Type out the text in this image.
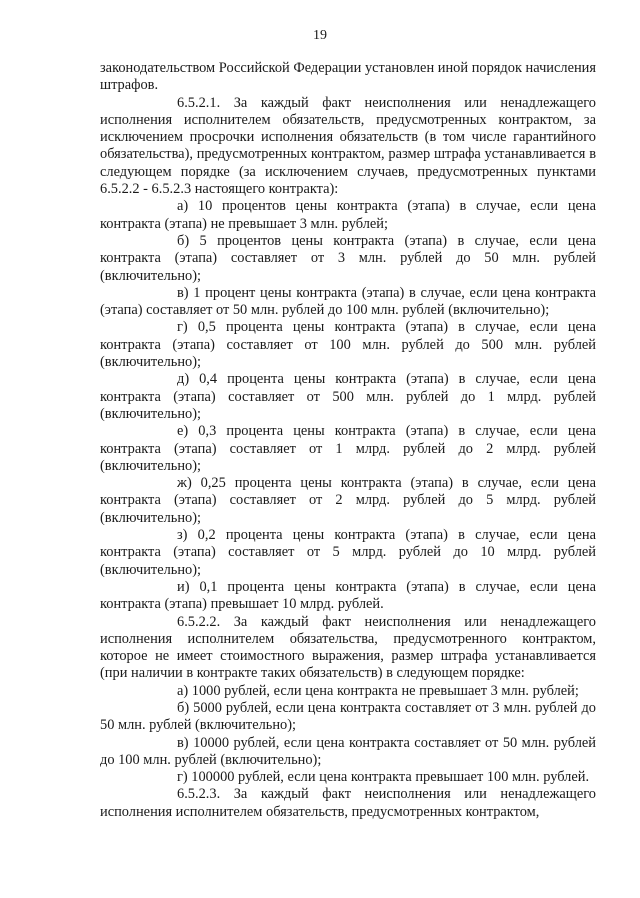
19

законодательством Российской Федерации установлен иной порядок начисления штрафов.

6.5.2.1. За каждый факт неисполнения или ненадлежащего исполнения исполнителем обязательств, предусмотренных контрактом, за исключением просрочки исполнения обязательств (в том числе гарантийного обязательства), предусмотренных контрактом, размер штрафа устанавливается в следующем порядке (за исключением случаев, предусмотренных пунктами 6.5.2.2 - 6.5.2.3 настоящего контракта):

а) 10 процентов цены контракта (этапа) в случае, если цена контракта (этапа) не превышает 3 млн. рублей;

б) 5 процентов цены контракта (этапа) в случае, если цена контракта (этапа) составляет от 3 млн. рублей до 50 млн. рублей (включительно);

в) 1 процент цены контракта (этапа) в случае, если цена контракта (этапа) составляет от 50 млн. рублей до 100 млн. рублей (включительно);

г) 0,5 процента цены контракта (этапа) в случае, если цена контракта (этапа) составляет от 100 млн. рублей до 500 млн. рублей (включительно);

д) 0,4 процента цены контракта (этапа) в случае, если цена контракта (этапа) составляет от 500 млн. рублей до 1 млрд. рублей (включительно);

е) 0,3 процента цены контракта (этапа) в случае, если цена контракта (этапа) составляет от 1 млрд. рублей до 2 млрд. рублей (включительно);

ж) 0,25 процента цены контракта (этапа) в случае, если цена контракта (этапа) составляет от 2 млрд. рублей до 5 млрд. рублей (включительно);

з) 0,2 процента цены контракта (этапа) в случае, если цена контракта (этапа) составляет от 5 млрд. рублей до 10 млрд. рублей (включительно);

и) 0,1 процента цены контракта (этапа) в случае, если цена контракта (этапа) превышает 10 млрд. рублей.

6.5.2.2. За каждый факт неисполнения или ненадлежащего исполнения исполнителем обязательства, предусмотренного контрактом, которое не имеет стоимостного выражения, размер штрафа устанавливается (при наличии в контракте таких обязательств) в следующем порядке:

а) 1000 рублей, если цена контракта не превышает 3 млн. рублей;

б) 5000 рублей, если цена контракта составляет от 3 млн. рублей до 50 млн. рублей (включительно);

в) 10000 рублей, если цена контракта составляет от 50 млн. рублей до 100 млн. рублей (включительно);

г) 100000 рублей, если цена контракта превышает 100 млн. рублей.

6.5.2.3. За каждый факт неисполнения или ненадлежащего исполнения исполнителем обязательств, предусмотренных контрактом,
